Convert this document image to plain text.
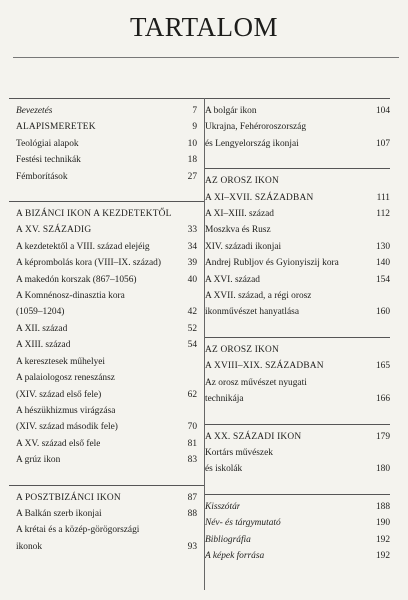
TARTALOM
Bevezetés	7
ALAPISMERETEK	9
Teológiai alapok	10
Festési technikák	18
Fémborítások	27
A BIZÁNCI IKON A KEZDETEKTŐL
A XV. SZÁZADIG	33
A kezdetektől a VIII. század elejéig	34
A képrombolás kora (VIII–IX. század)	39
A makedón korszak (867–1056)	40
A Komnénosz-dinasztia kora
(1059–1204)	42
A XII. század	52
A XIII. század	54
A keresztesek műhelyei
A palaiologosz reneszánsz
(XIV. század első fele)	62
A hészükhizmus virágzása
(XIV. század második fele)	70
A XV. század első fele	81
A grúz ikon	83
A POSZTBIZÁNCI IKON	87
A Balkán szerb ikonjai	88
A krétai és a közép-görögországi
ikonok	93
A bolgár ikon	104
Ukrajna, Fehéroroszország
és Lengyelország ikonjai	107
AZ OROSZ IKON
A XI–XVII. SZÁZADBAN	111
A XI–XIII. század	112
Moszkva és Rusz
XIV. századi ikonjai	130
Andrej Rubljov és Gyionyiszij kora	140
A XVI. század	154
A XVII. század, a régi orosz
ikonművészet hanyatlása	160
AZ OROSZ IKON
A XVIII–XIX. SZÁZADBAN	165
Az orosz művészet nyugati
technikája	166
A XX. SZÁZADI IKON	179
Kortárs művészek
és iskolák	180
Kisszótár	188
Név- és tárgymutató	190
Bibliográfia	192
A képek forrása	192
